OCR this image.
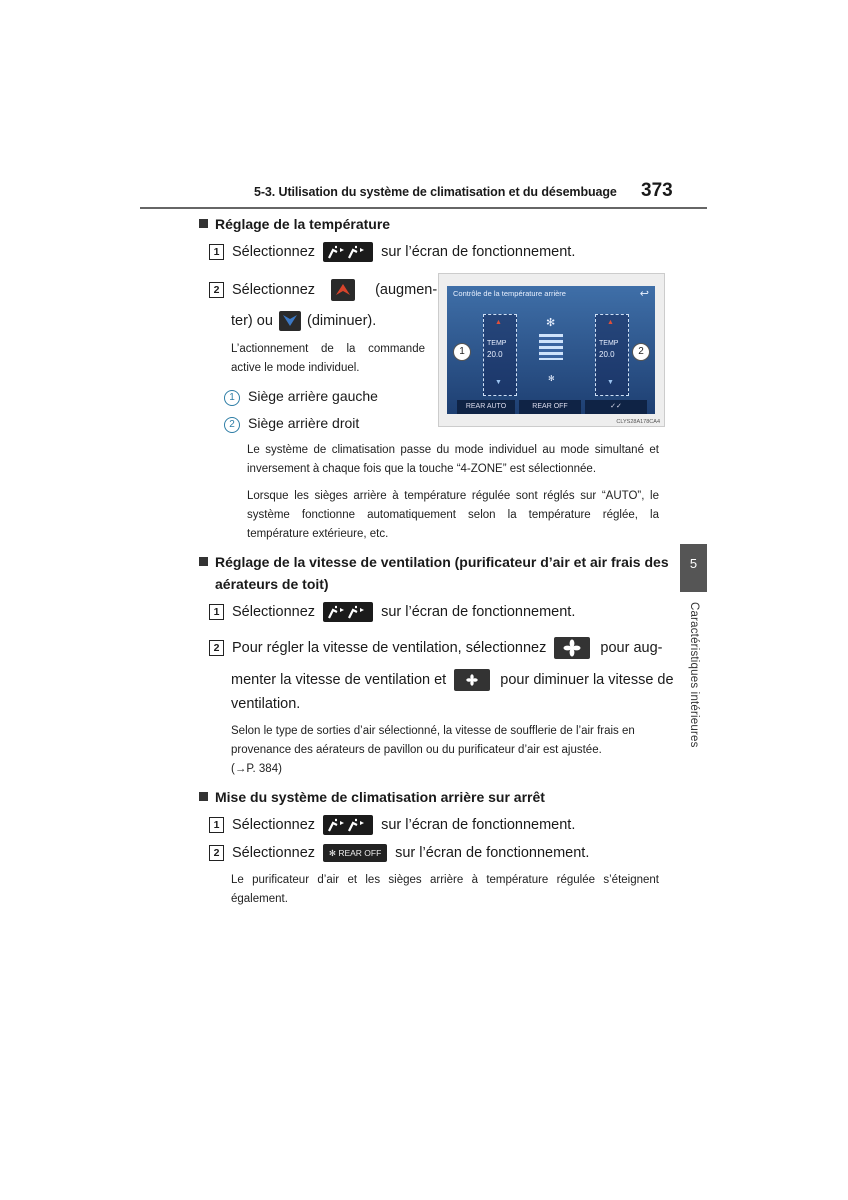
5-3. Utilisation du système de climatisation et du désembuage 373
5
Caractéristiques intérieures
Réglage de la température
1 Sélectionnez	sur l’écran de fonctionnement.
2 Sélectionnez	(augmen-
ter) ou (diminuer).
L’actionnement de la commande active le mode individuel.
1 Siège arrière gauche
2 Siège arrière droit
Contrôle de la température arrière	↩
▲
TEMP
20.0
▼
▲
TEMP
20.0
▼
✻
✻
REAR AUTO	REAR OFF	✓✓
1	2
CLYS28A178CA4
Le système de climatisation passe du mode individuel au mode simultané et inversement à chaque fois que la touche “4-ZONE” est sélectionnée.
Lorsque les sièges arrière à température régulée sont réglés sur “AUTO”, le système fonctionne automatiquement selon la température réglée, la température extérieure, etc.
Réglage de la vitesse de ventilation (purificateur d’air et air frais des
aérateurs de toit)
1 Sélectionnez	sur l’écran de fonctionnement.
2 Pour régler la vitesse de ventilation, sélectionnez	pour aug-
menter la vitesse de ventilation et	pour diminuer la vitesse de
ventilation.
Selon le type de sorties d’air sélectionné, la vitesse de soufflerie de l’air frais en
provenance des aérateurs de pavillon ou du purificateur d’air est ajustée.
(→P. 384)
Mise du système de climatisation arrière sur arrêt
1 Sélectionnez	sur l’écran de fonctionnement.
2 Sélectionnez ✻ REAR OFF sur l’écran de fonctionnement.
Le purificateur d’air et les sièges arrière à température régulée s’éteignent également.
